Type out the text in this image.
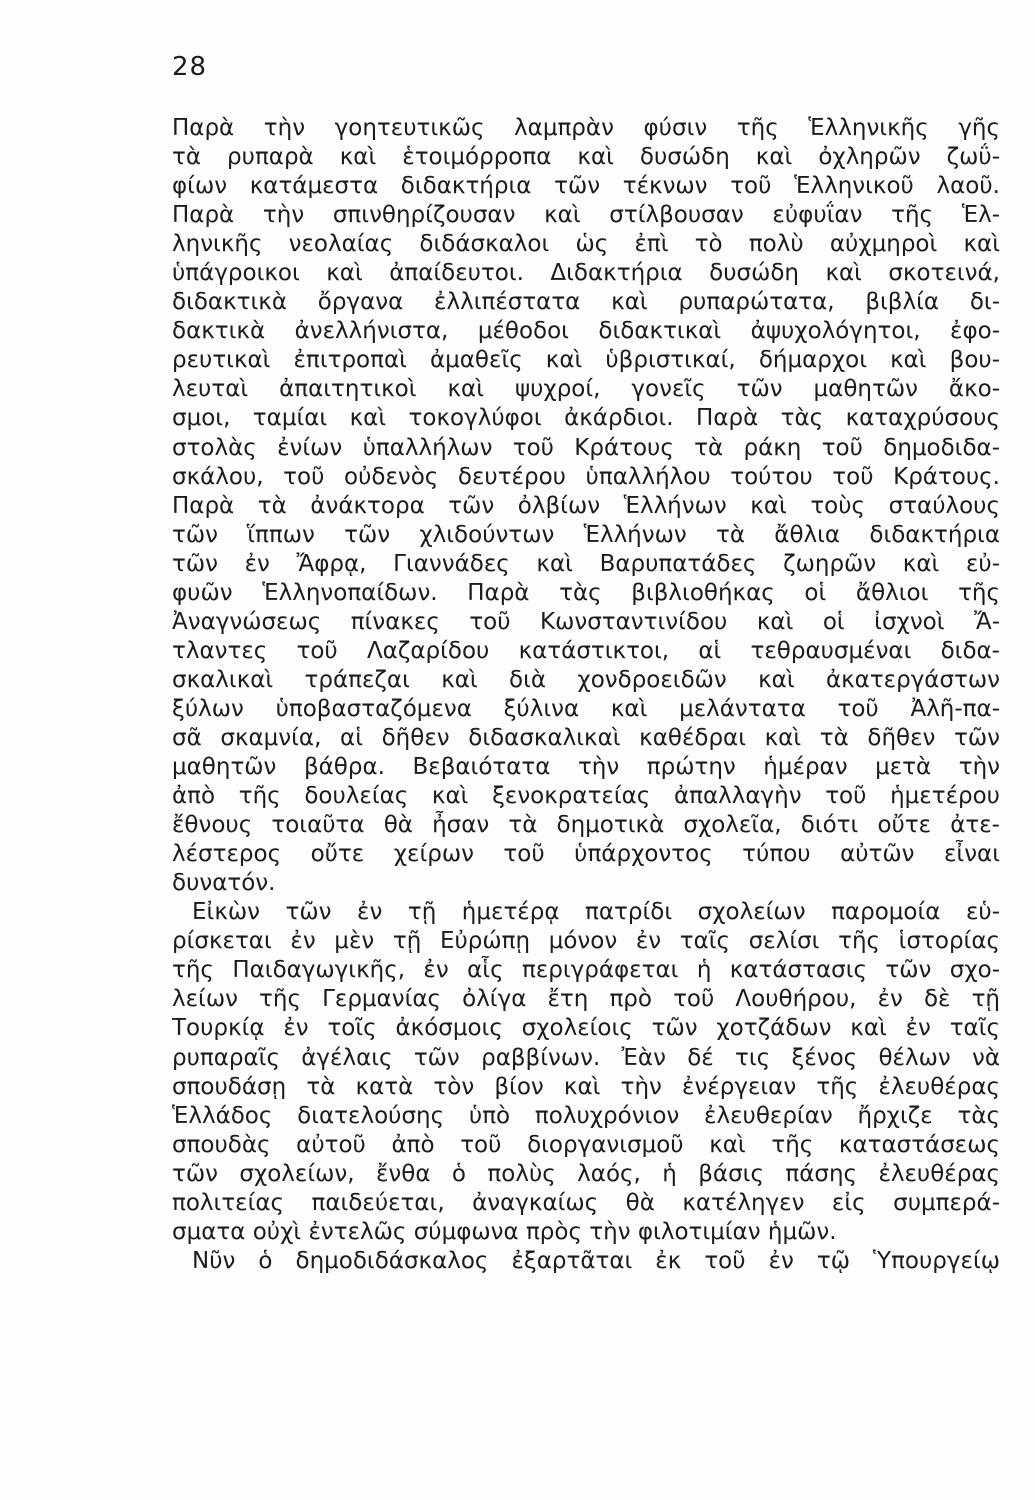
28
Παρὰ τὴν γοητευτικῶς λαμπρὰν φύσιν τῆς Ἑλληνικῆς γῆς
τὰ ρυπαρὰ καὶ ἑτοιμόρροπα καὶ δυσώδη καὶ ὀχληρῶν ζωΰ-
φίων κατάμεστα διδακτήρια τῶν τέκνων τοῦ Ἑλληνικοῦ λαοῦ.
Παρὰ τὴν σπινθηρίζουσαν καὶ στίλβουσαν εὐφυΐαν τῆς Ἑλ-
ληνικῆς νεολαίας διδάσκαλοι ὡς ἐπὶ τὸ πολὺ αὐχμηροὶ καὶ
ὑπάγροικοι καὶ ἀπαίδευτοι. Διδακτήρια δυσώδη καὶ σκοτεινά,
διδακτικὰ ὄργανα ἐλλιπέστατα καὶ ρυπαρώτατα, βιβλία δι-
δακτικὰ ἀνελλήνιστα, μέθοδοι διδακτικαὶ ἀψυχολόγητοι, ἐφο-
ρευτικαὶ ἐπιτροπαὶ ἀμαθεῖς καὶ ὑβριστικαί, δήμαρχοι καὶ βου-
λευταὶ ἀπαιτητικοὶ καὶ ψυχροί, γονεῖς τῶν μαθητῶν ἄκο-
σμοι, ταμίαι καὶ τοκογλύφοι ἀκάρδιοι. Παρὰ τὰς καταχρύσους
στολὰς ἐνίων ὑπαλλήλων τοῦ Κράτους τὰ ράκη τοῦ δημοδιδα-
σκάλου, τοῦ οὐδενὸς δευτέρου ὑπαλλήλου τούτου τοῦ Κράτους.
Παρὰ τὰ ἀνάκτορα τῶν ὀλβίων Ἑλλήνων καὶ τοὺς σταύλους
τῶν ἵππων τῶν χλιδούντων Ἑλλήνων τὰ ἄθλια διδακτήρια
τῶν ἐν Ἄφρᾳ, Γιαννάδες καὶ Βαρυπατάδες ζωηρῶν καὶ εὐ-
φυῶν Ἑλληνοπαίδων. Παρὰ τὰς βιβλιοθήκας οἱ ἄθλιοι τῆς
Ἀναγνώσεως πίνακες τοῦ Κωνσταντινίδου καὶ οἱ ἰσχνοὶ Ἄ-
τλαντες τοῦ Λαζαρίδου κατάστικτοι, αἱ τεθραυσμέναι διδα-
σκαλικαὶ τράπεζαι καὶ διὰ χονδροειδῶν καὶ ἀκατεργάστων
ξύλων ὑποβασταζόμενα ξύλινα καὶ μελάντατα τοῦ Ἀλῆ-πα-
σᾶ σκαμνία, αἱ δῆθεν διδασκαλικαὶ καθέδραι καὶ τὰ δῆθεν τῶν
μαθητῶν βάθρα. Βεβαιότατα τὴν πρώτην ἡμέραν μετὰ τὴν
ἀπὸ τῆς δουλείας καὶ ξενοκρατείας ἀπαλλαγὴν τοῦ ἡμετέρου
ἔθνους τοιαῦτα θὰ ἦσαν τὰ δημοτικὰ σχολεῖα, διότι οὔτε ἀτε-
λέστερος οὔτε χείρων τοῦ ὑπάρχοντος τύπου αὐτῶν εἶναι
δυνατόν.
Εἰκὼν τῶν ἐν τῇ ἡμετέρᾳ πατρίδι σχολείων παρομοία εὑ-
ρίσκεται ἐν μὲν τῇ Εὐρώπῃ μόνον ἐν ταῖς σελίσι τῆς ἱστορίας
τῆς Παιδαγωγικῆς, ἐν αἷς περιγράφεται ἡ κατάστασις τῶν σχο-
λείων τῆς Γερμανίας ὀλίγα ἔτη πρὸ τοῦ Λουθήρου, ἐν δὲ τῇ
Τουρκίᾳ ἐν τοῖς ἀκόσμοις σχολείοις τῶν χοτζάδων καὶ ἐν ταῖς
ρυπαραῖς ἀγέλαις τῶν ραββίνων. Ἐὰν δέ τις ξένος θέλων νὰ
σπουδάσῃ τὰ κατὰ τὸν βίον καὶ τὴν ἐνέργειαν τῆς ἐλευθέρας
Ἑλλάδος διατελούσης ὑπὸ πολυχρόνιον ἐλευθερίαν ἤρχιζε τὰς
σπουδὰς αὐτοῦ ἀπὸ τοῦ διοργανισμοῦ καὶ τῆς καταστάσεως
τῶν σχολείων, ἔνθα ὁ πολὺς λαός, ἡ βάσις πάσης ἐλευθέρας
πολιτείας παιδεύεται, ἀναγκαίως θὰ κατέληγεν εἰς συμπερά-
σματα οὐχὶ ἐντελῶς σύμφωνα πρὸς τὴν φιλοτιμίαν ἡμῶν.
Νῦν ὁ δημοδιδάσκαλος ἐξαρτᾶται ἐκ τοῦ ἐν τῷ Ὑπουργείῳ
